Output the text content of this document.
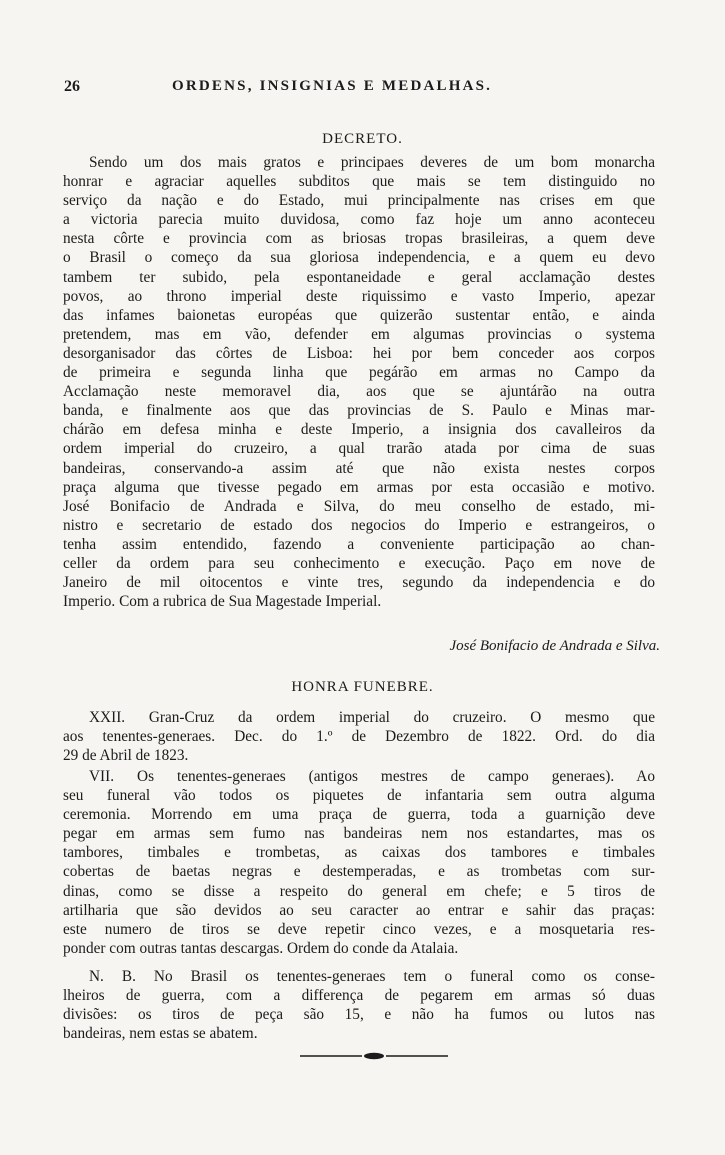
26	ORDENS, INSIGNIAS E MEDALHAS.
DECRETO.
Sendo um dos mais gratos e principaes deveres de um bom monarcha
honrar e agraciar aquelles subditos que mais se tem distinguido no
serviço da nação e do Estado, mui principalmente nas crises em que
a victoria parecia muito duvidosa, como faz hoje um anno aconteceu
nesta côrte e provincia com as briosas tropas brasileiras, a quem deve
o Brasil o começo da sua gloriosa independencia, e a quem eu devo
tambem ter subido, pela espontaneidade e geral acclamação destes
povos, ao throno imperial deste riquissimo e vasto Imperio, apezar
das infames baionetas européas que quizerão sustentar então, e ainda
pretendem, mas em vão, defender em algumas provincias o systema
desorganisador das côrtes de Lisboa: hei por bem conceder aos corpos
de primeira e segunda linha que pegárão em armas no Campo da
Acclamação neste memoravel dia, aos que se ajuntárão na outra
banda, e finalmente aos que das provincias de S. Paulo e Minas mar-
chárão em defesa minha e deste Imperio, a insignia dos cavalleiros da
ordem imperial do cruzeiro, a qual trarão atada por cima de suas
bandeiras, conservando-a assim até que não exista nestes corpos
praça alguma que tivesse pegado em armas por esta occasião e motivo.
José Bonifacio de Andrada e Silva, do meu conselho de estado, mi-
nistro e secretario de estado dos negocios do Imperio e estrangeiros, o
tenha assim entendido, fazendo a conveniente participação ao chan-
celler da ordem para seu conhecimento e execução. Paço em nove de
Janeiro de mil oitocentos e vinte tres, segundo da independencia e do
Imperio. Com a rubrica de Sua Magestade Imperial.
José Bonifacio de Andrada e Silva.
HONRA FUNEBRE.
XXII. Gran-Cruz da ordem imperial do cruzeiro. O mesmo que
aos tenentes-generaes. Dec. do 1.º de Dezembro de 1822. Ord. do dia
29 de Abril de 1823.
VII. Os tenentes-generaes (antigos mestres de campo generaes). Ao
seu funeral vão todos os piquetes de infantaria sem outra alguma
ceremonia. Morrendo em uma praça de guerra, toda a guarnição deve
pegar em armas sem fumo nas bandeiras nem nos estandartes, mas os
tambores, timbales e trombetas, as caixas dos tambores e timbales
cobertas de baetas negras e destemperadas, e as trombetas com sur-
dinas, como se disse a respeito do general em chefe; e 5 tiros de
artilharia que são devidos ao seu caracter ao entrar e sahir das praças:
este numero de tiros se deve repetir cinco vezes, e a mosquetaria res-
ponder com outras tantas descargas. Ordem do conde da Atalaia.
N. B. No Brasil os tenentes-generaes tem o funeral como os conse-
lheiros de guerra, com a differença de pegarem em armas só duas
divisões: os tiros de peça são 15, e não ha fumos ou lutos nas
bandeiras, nem estas se abatem.
